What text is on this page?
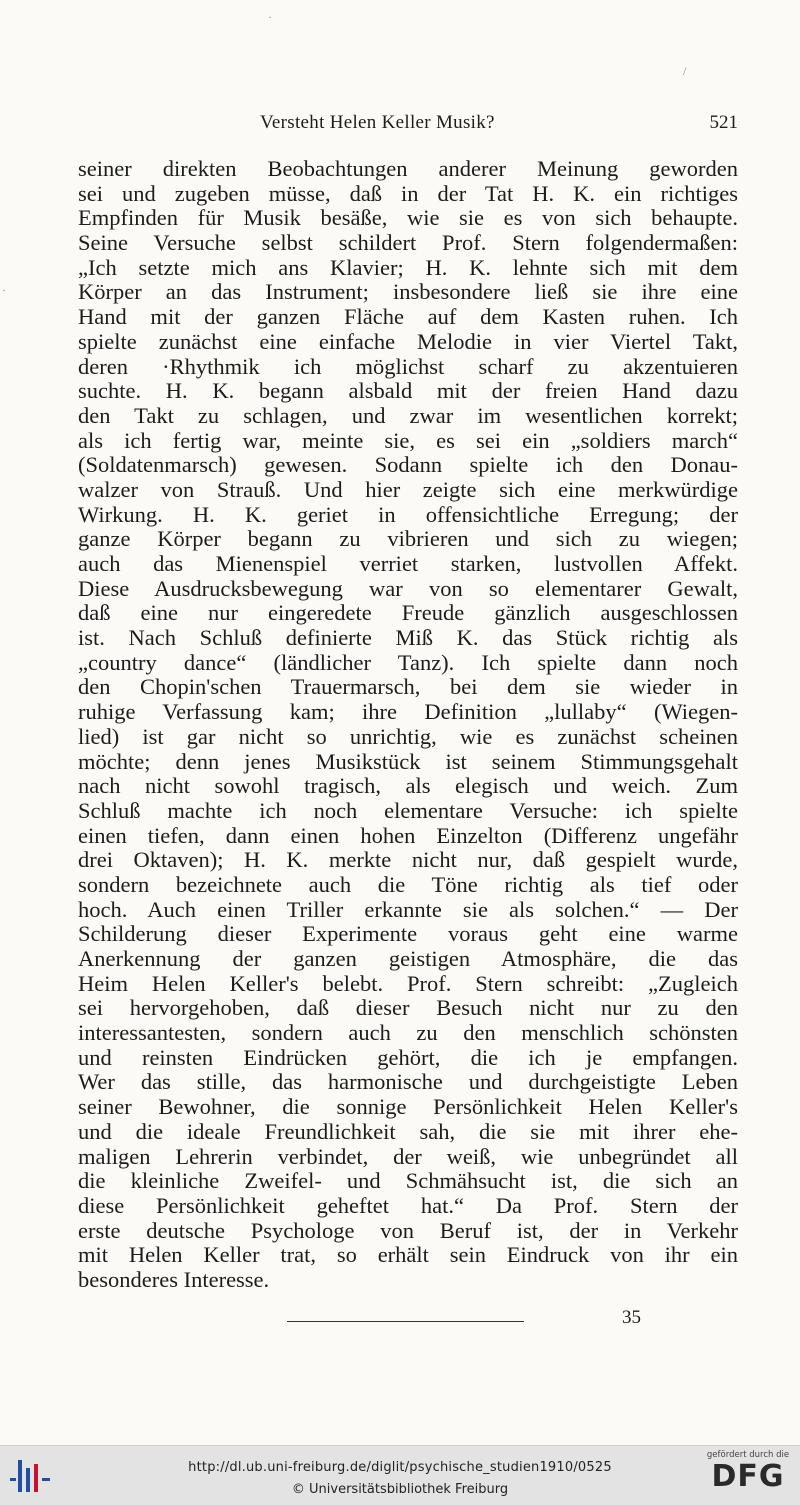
·
/
·
Versteht Helen Keller Musik?	521
seiner direkten Beobachtungen anderer Meinung geworden
sei und zugeben müsse, daß in der Tat H. K. ein richtiges
Empfinden für Musik besäße, wie sie es von sich behaupte.
Seine Versuche selbst schildert Prof. Stern folgendermaßen:
„Ich setzte mich ans Klavier; H. K. lehnte sich mit dem
Körper an das Instrument; insbesondere ließ sie ihre eine
Hand mit der ganzen Fläche auf dem Kasten ruhen. Ich
spielte zunächst eine einfache Melodie in vier Viertel Takt,
deren ·Rhythmik ich möglichst scharf zu akzentuieren
suchte. H. K. begann alsbald mit der freien Hand dazu
den Takt zu schlagen, und zwar im wesentlichen korrekt;
als ich fertig war, meinte sie, es sei ein „soldiers march“
(Soldatenmarsch) gewesen. Sodann spielte ich den Donau-
walzer von Strauß. Und hier zeigte sich eine merkwürdige
Wirkung. H. K. geriet in offensichtliche Erregung; der
ganze Körper begann zu vibrieren und sich zu wiegen;
auch das Mienenspiel verriet starken, lustvollen Affekt.
Diese Ausdrucksbewegung war von so elementarer Gewalt,
daß eine nur eingeredete Freude gänzlich ausgeschlossen
ist. Nach Schluß definierte Miß K. das Stück richtig als
„country dance“ (ländlicher Tanz). Ich spielte dann noch
den Chopin'schen Trauermarsch, bei dem sie wieder in
ruhige Verfassung kam; ihre Definition „lullaby“ (Wiegen-
lied) ist gar nicht so unrichtig, wie es zunächst scheinen
möchte; denn jenes Musikstück ist seinem Stimmungsgehalt
nach nicht sowohl tragisch, als elegisch und weich. Zum
Schluß machte ich noch elementare Versuche: ich spielte
einen tiefen, dann einen hohen Einzelton (Differenz ungefähr
drei Oktaven); H. K. merkte nicht nur, daß gespielt wurde,
sondern bezeichnete auch die Töne richtig als tief oder
hoch. Auch einen Triller erkannte sie als solchen.“ — Der
Schilderung dieser Experimente voraus geht eine warme
Anerkennung der ganzen geistigen Atmosphäre, die das
Heim Helen Keller's belebt. Prof. Stern schreibt: „Zugleich
sei hervorgehoben, daß dieser Besuch nicht nur zu den
interessantesten, sondern auch zu den menschlich schönsten
und reinsten Eindrücken gehört, die ich je empfangen.
Wer das stille, das harmonische und durchgeistigte Leben
seiner Bewohner, die sonnige Persönlichkeit Helen Keller's
und die ideale Freundlichkeit sah, die sie mit ihrer ehe-
maligen Lehrerin verbindet, der weiß, wie unbegründet all
die kleinliche Zweifel- und Schmähsucht ist, die sich an
diese Persönlichkeit geheftet hat.“ Da Prof. Stern der
erste deutsche Psychologe von Beruf ist, der in Verkehr
mit Helen Keller trat, so erhält sein Eindruck von ihr ein
besonderes Interesse.
35
http://dl.ub.uni-freiburg.de/diglit/psychische_studien1910/0525
© Universitätsbibliothek Freiburg
gefördert durch die
DFG
